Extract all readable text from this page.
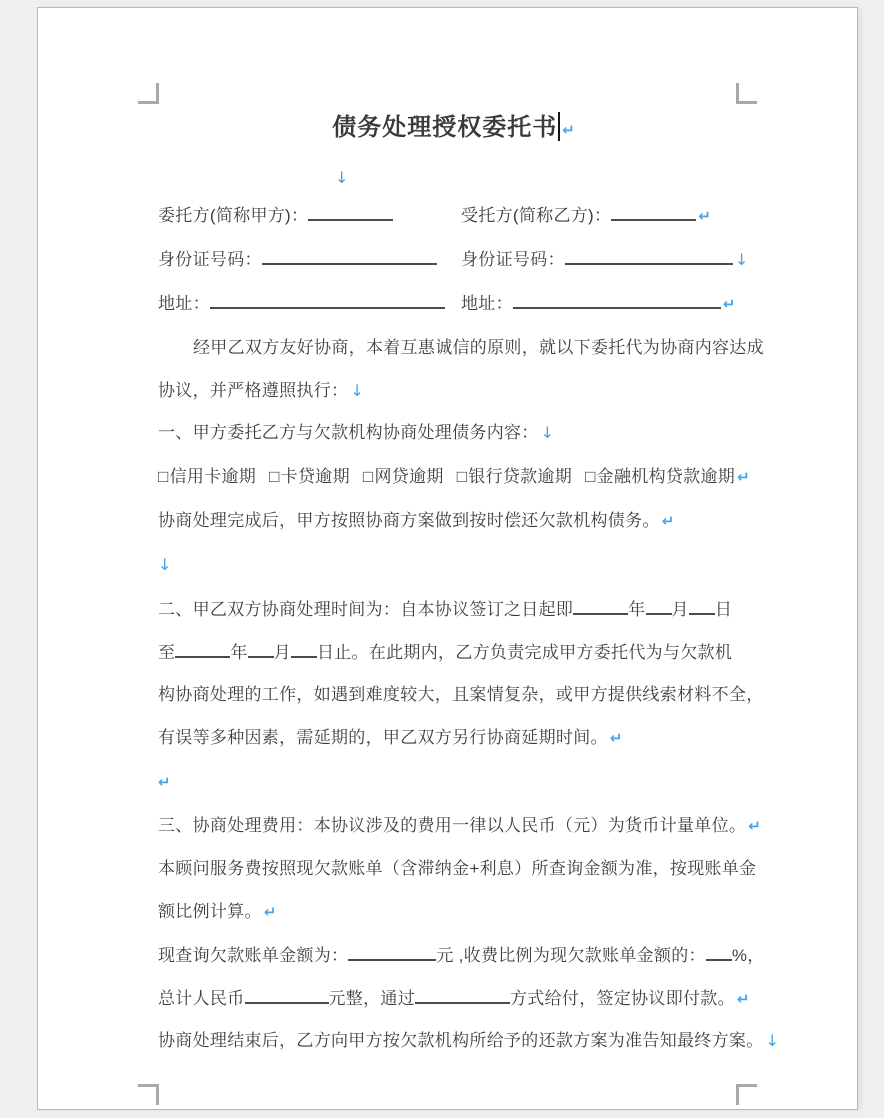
债务处理授权委托书 ↵
↓
委托方(简称甲方)：	受托方(简称乙方)：	↵
身份证号码：	身份证号码：	↓
地址：	地址：	↵
经甲乙双方友好协商，本着互惠诚信的原则，就以下委托代为协商内容达成
协议，并严格遵照执行： ↓
一、甲方委托乙方与欠款机构协商处理债务内容： ↓
□信用卡逾期 □卡贷逾期 □网贷逾期 □银行贷款逾期 □金融机构贷款逾期 ↵
协商处理完成后，甲方按照协商方案做到按时偿还欠款机构债务。 ↵
↓
二、甲乙双方协商处理时间为：自本协议签订之日起即	年 月 日
至	年 月 日止。在此期内，乙方负责完成甲方委托代为与欠款机
构协商处理的工作，如遇到难度较大，且案情复杂，或甲方提供线索材料不全，
有误等多种因素，需延期的，甲乙双方另行协商延期时间。 ↵
↵
三、协商处理费用：本协议涉及的费用一律以人民币（元）为货币计量单位。 ↵
本顾问服务费按照现欠款账单（含滞纳金+利息）所查询金额为准，按现账单金
额比例计算。 ↵
现查询欠款账单金额为：	元 ,收费比例为现欠款账单金额的： %，
总计人民币	元整，通过	方式给付，签定协议即付款。 ↵
协商处理结束后，乙方向甲方按欠款机构所给予的还款方案为准告知最终方案。 ↓
